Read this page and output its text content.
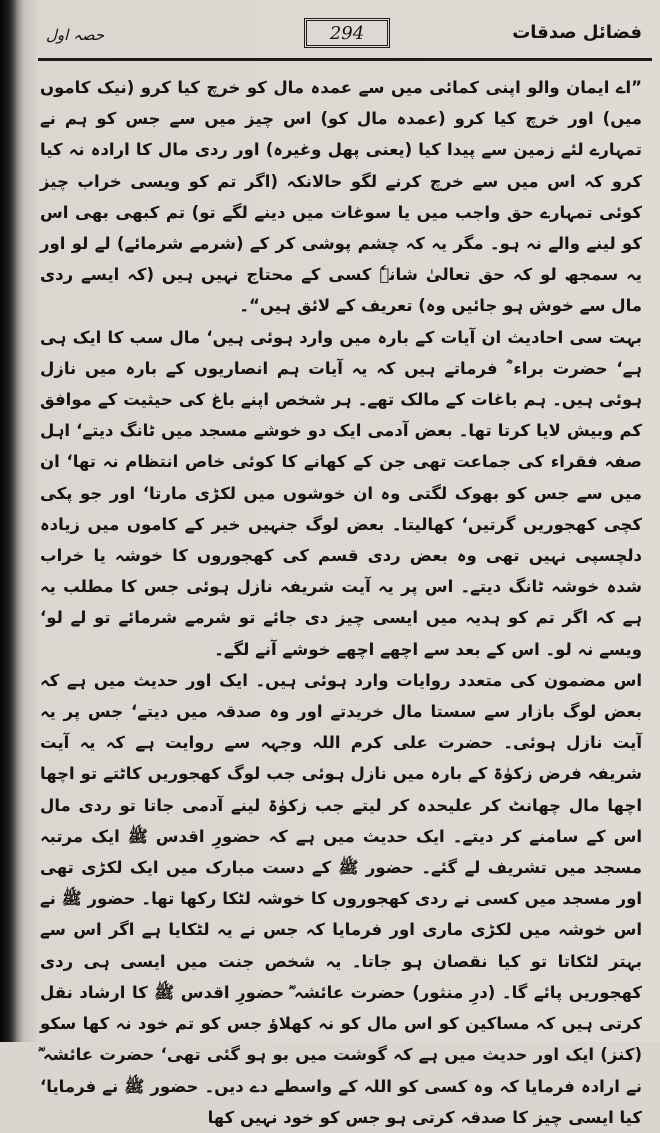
فضائل صدقات
294
حصہ اول

”اے ایمان والو اپنی کمائی میں سے عمدہ مال کو خرچ کیا کرو (نیک کاموں میں) اور خرچ کیا کرو (عمدہ مال کو) اس چیز میں سے جس کو ہم نے تمہارے لئے زمین سے پیدا کیا (یعنی پھل وغیرہ) اور ردی مال کا ارادہ نہ کیا کرو کہ اس میں سے خرچ کرنے لگو حالانکہ (اگر تم کو ویسی خراب چیز کوئی تمہارے حق واجب میں یا سوغات میں دینے لگے تو) تم کبھی بھی اس کو لینے والے نہ ہو۔ مگر یہ کہ چشم پوشی کر کے (شرمے شرمائے) لے لو اور یہ سمجھ لو کہ حق تعالیٰ شانہٗ کسی کے محتاج نہیں ہیں (کہ ایسے ردی مال سے خوش ہو جائیں وہ) تعریف کے لائق ہیں“۔

بہت سی احادیث ان آیات کے بارہ میں وارد ہوئی ہیں‘ مال سب کا ایک ہی ہے‘ حضرت براء ؓ فرماتے ہیں کہ یہ آیات ہم انصاریوں کے بارہ میں نازل ہوئی ہیں۔ ہم باغات کے مالک تھے۔ ہر شخص اپنے باغ کی حیثیت کے موافق کم وبیش لایا کرتا تھا۔ بعض آدمی ایک دو خوشے مسجد میں ٹانگ دیتے‘ اہل صفہ فقراء کی جماعت تھی جن کے کھانے کا کوئی خاص انتظام نہ تھا‘ ان میں سے جس کو بھوک لگتی وہ ان خوشوں میں لکڑی مارتا‘ اور جو پکی کچی کھجوریں گرتیں‘ کھالیتا۔ بعض لوگ جنہیں خیر کے کاموں میں زیادہ دلچسپی نہیں تھی وہ بعض ردی قسم کی کھجوروں کا خوشہ یا خراب شدہ خوشہ ٹانگ دیتے۔ اس پر یہ آیت شریفہ نازل ہوئی جس کا مطلب یہ ہے کہ اگر تم کو ہدیہ میں ایسی چیز دی جائے تو شرمے شرمائے تو لے لو‘ ویسے نہ لو۔ اس کے بعد سے اچھے اچھے خوشے آنے لگے۔

اس مضمون کی متعدد روایات وارد ہوئی ہیں۔ ایک اور حدیث میں ہے کہ بعض لوگ بازار سے سستا مال خریدتے اور وہ صدقہ میں دیتے‘ جس پر یہ آیت نازل ہوئی۔ حضرت علی کرم اللہ وجہہ سے روایت ہے کہ یہ آیت شریفہ فرض زکوٰۃ کے بارہ میں نازل ہوئی جب لوگ کھجوریں کاٹتے تو اچھا اچھا مال چھانٹ کر علیحدہ کر لیتے جب زکوٰۃ لینے آدمی جاتا تو ردی مال اس کے سامنے کر دیتے۔ ایک حدیث میں ہے کہ حضورِ اقدس ﷺ ایک مرتبہ مسجد میں تشریف لے گئے۔ حضور ﷺ کے دست مبارک میں ایک لکڑی تھی اور مسجد میں کسی نے ردی کھجوروں کا خوشہ لٹکا رکھا تھا۔ حضور ﷺ نے اس خوشہ میں لکڑی ماری اور فرمایا کہ جس نے یہ لٹکایا ہے اگر اس سے بہتر لٹکاتا تو کیا نقصان ہو جاتا۔ یہ شخص جنت میں ایسی ہی ردی کھجوریں پائے گا۔ (درِ منثور) حضرت عائشہ ؓ حضورِ اقدس ﷺ کا ارشاد نقل کرتی ہیں کہ مساکین کو اس مال کو نہ کھلاؤ جس کو تم خود نہ کھا سکو (کنز) ایک اور حدیث میں ہے کہ گوشت میں بو ہو گئی تھی‘ حضرت عائشہ ؓ نے ارادہ فرمایا کہ وہ کسی کو اللہ کے واسطے دے دیں۔ حضور ﷺ نے فرمایا‘ کیا ایسی چیز کا صدقہ کرتی ہو جس کو خود نہیں کھا
